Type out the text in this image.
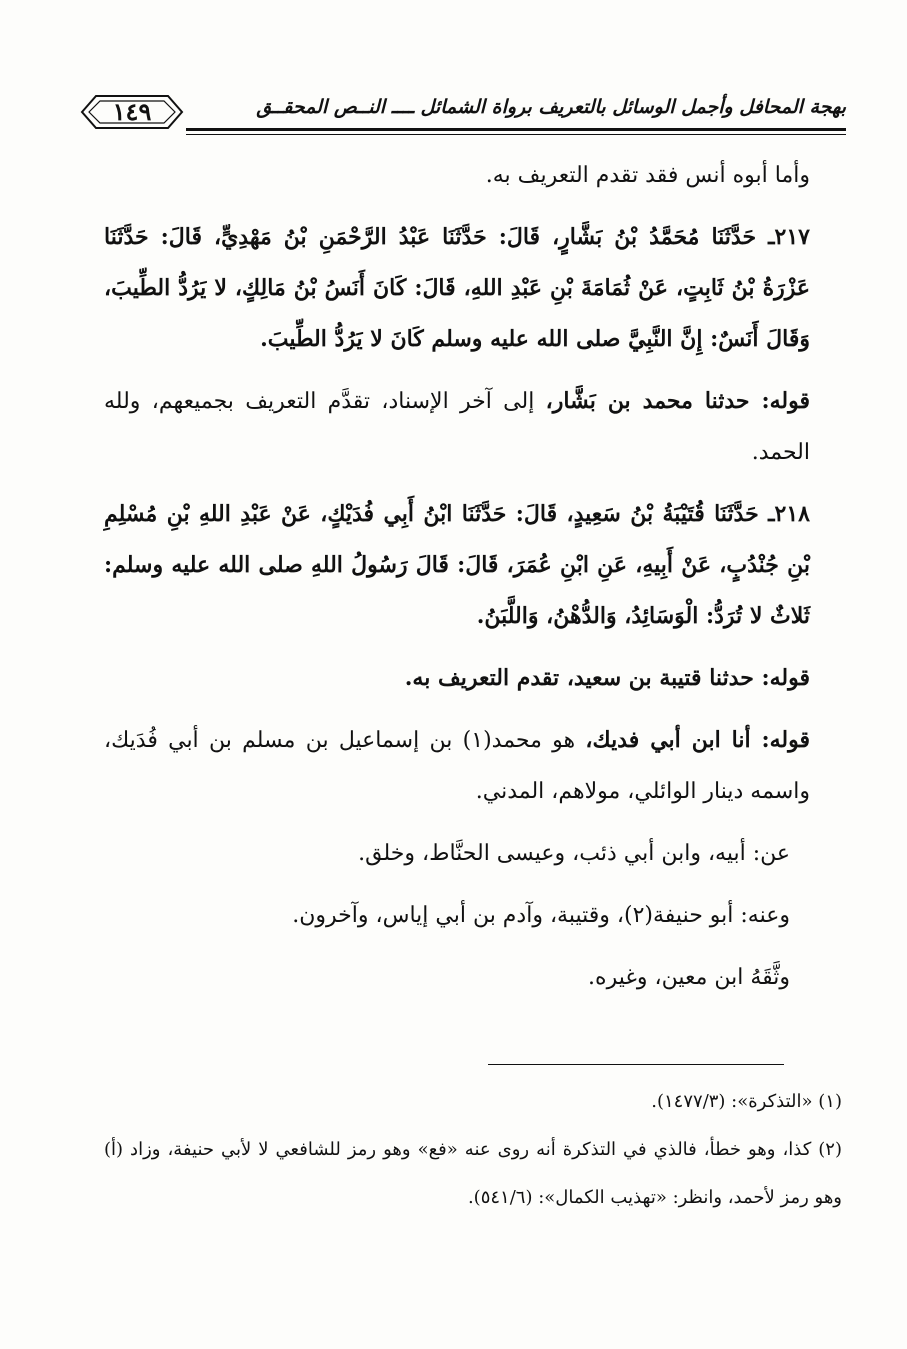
١٤٩	بهجة المحافل وأجمل الوسائل بالتعريف برواة الشمائل ــــ النــص المحقــق

وأما أبوه أنس فقد تقدم التعريف به.

٢١٧ـ حَدَّثَنَا مُحَمَّدُ بْنُ بَشَّارٍ، قَالَ: حَدَّثَنَا عَبْدُ الرَّحْمَنِ بْنُ مَهْدِيٍّ، قَالَ: حَدَّثَنَا عَزْرَةُ بْنُ ثَابِتٍ، عَنْ ثُمَامَةَ بْنِ عَبْدِ اللهِ، قَالَ: كَانَ أَنَسُ بْنُ مَالِكٍ، لا يَرُدُّ الطِّيبَ، وَقَالَ أَنَسٌ: إِنَّ النَّبِيَّ صلى الله عليه وسلم كَانَ لا يَرُدُّ الطِّيبَ.

قوله: حدثنا محمد بن بَشَّار، إلى آخر الإسناد، تقدَّم التعريف بجميعهم، ولله الحمد.

٢١٨ـ حَدَّثَنَا قُتَيْبَةُ بْنُ سَعِيدٍ، قَالَ: حَدَّثَنَا ابْنُ أَبِي فُدَيْكٍ، عَنْ عَبْدِ اللهِ بْنِ مُسْلِمِ بْنِ جُنْدُبٍ، عَنْ أَبِيهِ، عَنِ ابْنِ عُمَرَ، قَالَ: قَالَ رَسُولُ اللهِ صلى الله عليه وسلم: ثَلاثٌ لا تُرَدُّ: الْوَسَائِدُ، وَالدُّهْنُ، وَاللَّبَنُ.

قوله: حدثنا قتيبة بن سعيد، تقدم التعريف به.

قوله: أنا ابن أبي فديك، هو محمد(١) بن إسماعيل بن مسلم بن أبي فُدَيك، واسمه دينار الوائلي، مولاهم، المدني.

عن: أبيه، وابن أبي ذئب، وعيسى الحنَّاط، وخلق.

وعنه: أبو حنيفة(٢)، وقتيبة، وآدم بن أبي إياس، وآخرون.

وثَّقَهُ ابن معين، وغيره.

(١) «التذكرة»: (١٤٧٧/٣).

(٢) كذا، وهو خطأ، فالذي في التذكرة أنه روى عنه «فع» وهو رمز للشافعي لا لأبي حنيفة، وزاد (أ) وهو رمز لأحمد، وانظر: «تهذيب الكمال»: (٥٤١/٦).
